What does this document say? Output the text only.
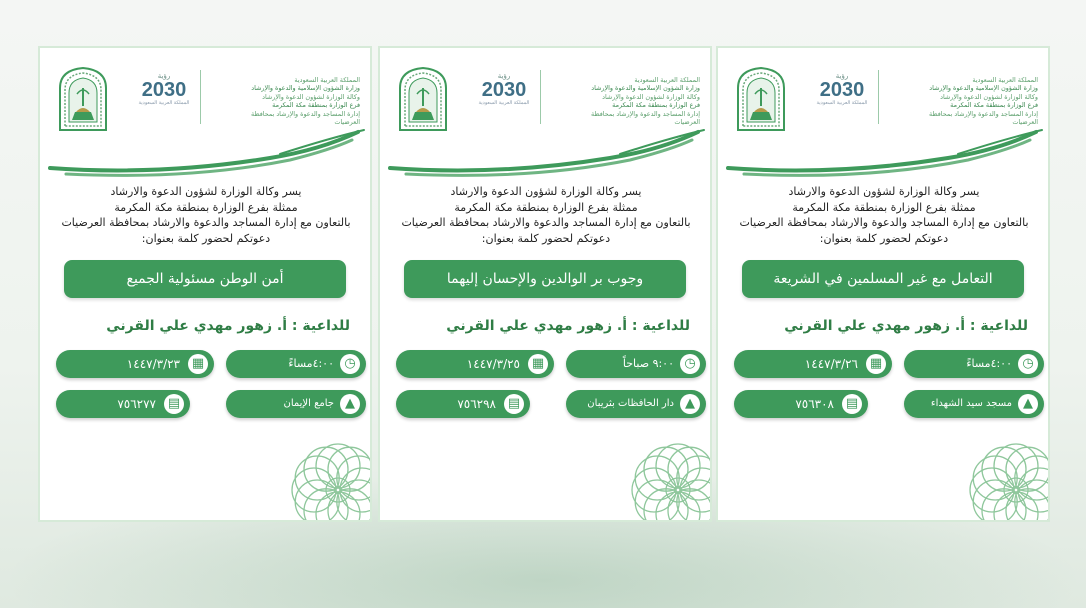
رؤية
2030
المملكة العربية السعودية
المملكة العربية السعودية
وزارة الشؤون الإسلامية والدعوة والإرشاد
وكالة الوزارة لشؤون الدعوة والإرشاد
فرع الوزارة بمنطقة مكة المكرمة
إدارة المساجد والدعوة والإرشاد بمحافظة العرضيات
يسر وكالة الوزارة لشؤون الدعوة والارشاد
ممثلة بفرع الوزارة بمنطقة مكة المكرمة
بالتعاون مع إدارة المساجد والدعوة والارشاد بمحافظة العرضيات
دعوتكم لحضور كلمة بعنوان:
أمن الوطن مسئولية الجميع
للداعية : أ. زهور مهدي علي القرني
◷
٤:٠٠مساءً
▦
١٤٤٧/٣/٢٣
▲
جامع الإيمان
▤
٧٥٦٢٧٧
رؤية
2030
المملكة العربية السعودية
المملكة العربية السعودية
وزارة الشؤون الإسلامية والدعوة والإرشاد
وكالة الوزارة لشؤون الدعوة والإرشاد
فرع الوزارة بمنطقة مكة المكرمة
إدارة المساجد والدعوة والإرشاد بمحافظة العرضيات
يسر وكالة الوزارة لشؤون الدعوة والارشاد
ممثلة بفرع الوزارة بمنطقة مكة المكرمة
بالتعاون مع إدارة المساجد والدعوة والارشاد بمحافظة العرضيات
دعوتكم لحضور كلمة بعنوان:
وجوب بر الوالدين والإحسان إليهما
للداعية : أ. زهور مهدي علي القرني
◷
٩:٠٠ صباحاً
▦
١٤٤٧/٣/٢٥
▲
دار الحافظات بثريبان
▤
٧٥٦٢٩٨
رؤية
2030
المملكة العربية السعودية
المملكة العربية السعودية
وزارة الشؤون الإسلامية والدعوة والإرشاد
وكالة الوزارة لشؤون الدعوة والإرشاد
فرع الوزارة بمنطقة مكة المكرمة
إدارة المساجد والدعوة والإرشاد بمحافظة العرضيات
يسر وكالة الوزارة لشؤون الدعوة والارشاد
ممثلة بفرع الوزارة بمنطقة مكة المكرمة
بالتعاون مع إدارة المساجد والدعوة والارشاد بمحافظة العرضيات
دعوتكم لحضور كلمة بعنوان:
التعامل مع غير المسلمين في الشريعة
للداعية : أ. زهور مهدي علي القرني
◷
٤:٠٠مساءً
▦
١٤٤٧/٣/٢٦
▲
مسجد سيد الشهداء
▤
٧٥٦٣٠٨
